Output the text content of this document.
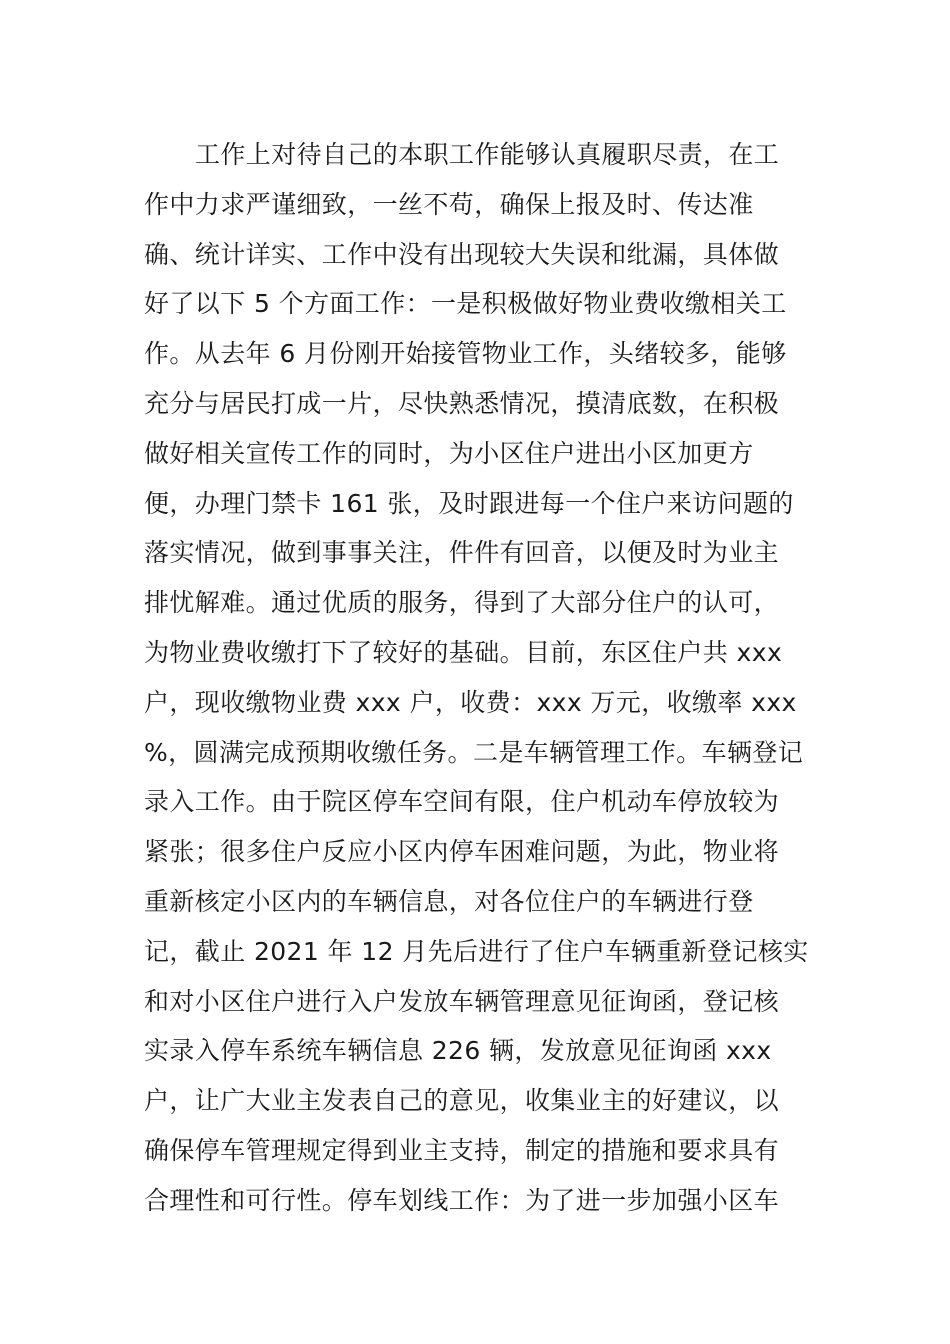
工作上对待自己的本职工作能够认真履职尽责，在工
作中力求严谨细致，一丝不苟，确保上报及时、传达准
确、统计详实、工作中没有出现较大失误和纰漏，具体做
好了以下 5 个方面工作：一是积极做好物业费收缴相关工
作。从去年 6 月份刚开始接管物业工作，头绪较多，能够
充分与居民打成一片，尽快熟悉情况，摸清底数，在积极
做好相关宣传工作的同时，为小区住户进出小区加更方
便，办理门禁卡 161 张，及时跟进每一个住户来访问题的
落实情况，做到事事关注，件件有回音，以便及时为业主
排忧解难。通过优质的服务，得到了大部分住户的认可，
为物业费收缴打下了较好的基础。目前，东区住户共 xxx
户，现收缴物业费 xxx 户，收费：xxx 万元，收缴率 xxx
%，圆满完成预期收缴任务。二是车辆管理工作。车辆登记
录入工作。由于院区停车空间有限，住户机动车停放较为
紧张；很多住户反应小区内停车困难问题，为此，物业将
重新核定小区内的车辆信息，对各位住户的车辆进行登
记，截止 2021 年 12 月先后进行了住户车辆重新登记核实
和对小区住户进行入户发放车辆管理意见征询函，登记核
实录入停车系统车辆信息 226 辆，发放意见征询函 xxx
户，让广大业主发表自己的意见，收集业主的好建议，以
确保停车管理规定得到业主支持，制定的措施和要求具有
合理性和可行性。停车划线工作：为了进一步加强小区车
